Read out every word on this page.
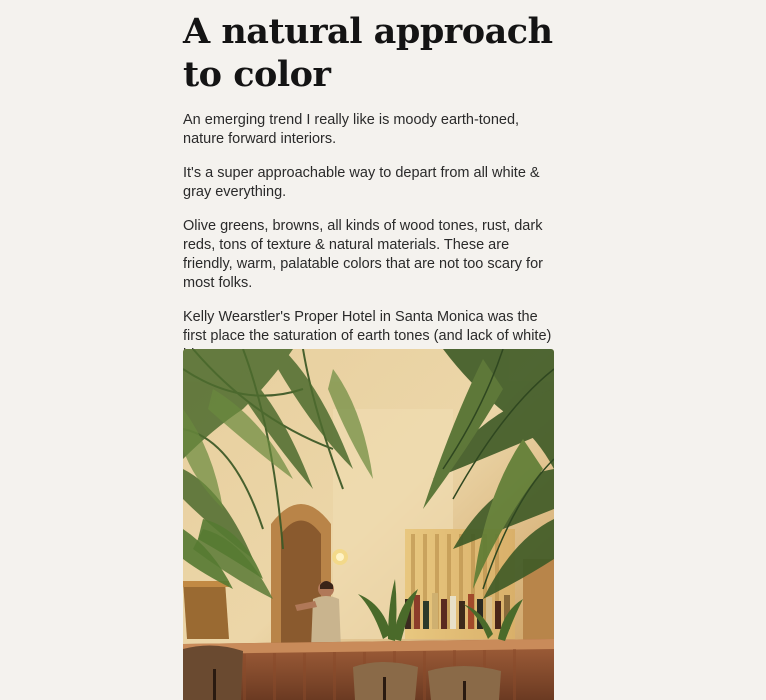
A natural approach to color

An emerging trend I really like is moody earth-toned, nature forward interiors.

It's a super approachable way to depart from all white & gray everything.

Olive greens, browns, all kinds of wood tones, rust, dark reds, tons of texture & natural materials. These are friendly, warm, palatable colors that are not too scary for most folks.

Kelly Wearstler's Proper Hotel in Santa Monica was the first place the saturation of earth tones (and lack of white)
